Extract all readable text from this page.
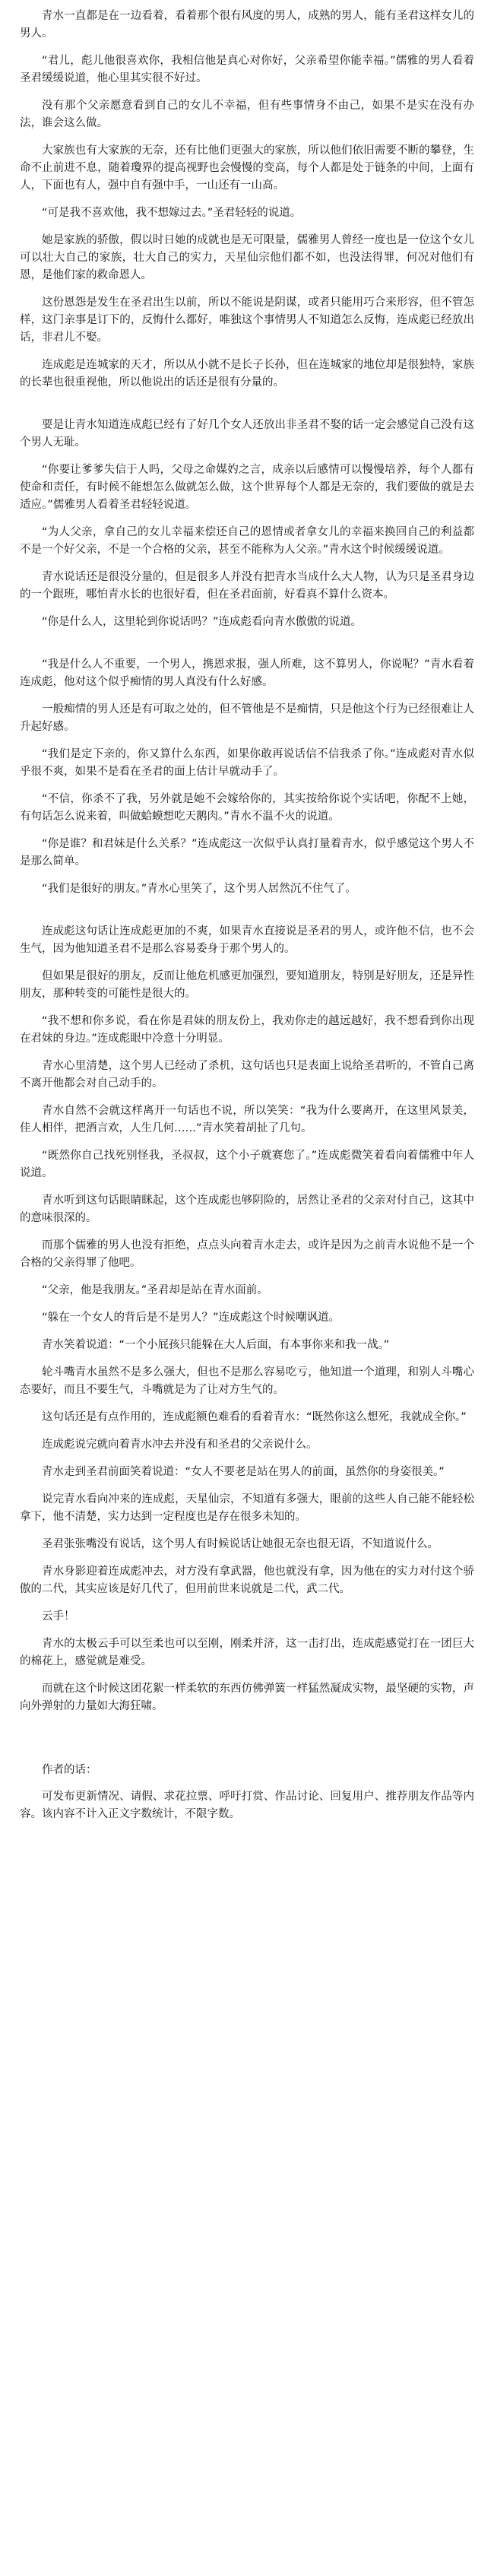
青水一直都是在一边看着，看着那个很有风度的男人，成熟的男人，能有圣君这样女儿的男人。

“君儿，彪儿他很喜欢你，我相信他是真心对你好，父亲希望你能幸福。”儒雅的男人看着圣君缓缓说道，他心里其实很不好过。

没有那个父亲愿意看到自己的女儿不幸福，但有些事情身不由己，如果不是实在没有办法，谁会这么做。

大家族也有大家族的无奈，还有比他们更强大的家族，所以他们依旧需要不断的攀登，生命不止前进不息，随着瓊界的提高视野也会慢慢的变高，每个人都是处于链条的中间，上面有人，下面也有人，强中自有强中手，一山还有一山高。

“可是我不喜欢他，我不想嫁过去。”圣君轻轻的说道。

她是家族的骄傲，假以时日她的成就也是无可限量，儒雅男人曾经一度也是一位这个女儿可以壮大自己的家族，壮大自己的实力，天星仙宗他们都不如，也没法得罪，何况对他们有恩，是他们家的救命恩人。

这份恩怨是发生在圣君出生以前，所以不能说是阴谋，或者只能用巧合来形容，但不管怎样，这门亲事是订下的，反悔什么都好，唯独这个事情男人不知道怎么反悔，连成彪已经放出话，非君儿不娶。

连成彪是连城家的天才，所以从小就不是长子长孙，但在连城家的地位却是很独特，家族的长辈也很重视他，所以他说出的话还是很有分量的。

要是让青水知道连成彪已经有了好几个女人还放出非圣君不娶的话一定会感觉自己没有这个男人无耻。

“你要让爹爹失信于人吗，父母之命媒妁之言，成亲以后感情可以慢慢培养，每个人都有使命和责任，有时候不能想怎么做就怎么做，这个世界每个人都是无奈的，我们要做的就是去适应。”儒雅男人看着圣君轻轻说道。

“为人父亲，拿自己的女儿幸福来偿还自己的恩情或者拿女儿的幸福来换回自己的利益都不是一个好父亲，不是一个合格的父亲，甚至不能称为人父亲。”青水这个时候缓缓说道。

青水说话还是很没分量的，但是很多人并没有把青水当成什么大人物，认为只是圣君身边的一个跟班，哪怕青水长的也很好看，但在圣君面前，好看真不算什么资本。

“你是什么人，这里轮到你说话吗？”连成彪看向青水傲傲的说道。

“我是什么人不重要，一个男人，携恩求报，强人所难，这不算男人，你说呢？”青水看着连成彪，他对这个似乎痴情的男人真没有什么好感。

一般痴情的男人还是有可取之处的，但不管他是不是痴情，只是他这个行为已经很难让人升起好感。

“我们是定下亲的，你又算什么东西，如果你敢再说话信不信我杀了你。”连成彪对青水似乎很不爽，如果不是看在圣君的面上估计早就动手了。

“不信，你杀不了我，另外就是她不会嫁给你的，其实按给你说个实话吧，你配不上她，有句话怎么说来着，叫做蛤蟆想吃天鹅肉。”青水不温不火的说道。

“你是谁？和君妹是什么关系？”连成彪这一次似乎认真打量着青水，似乎感觉这个男人不是那么简单。

“我们是很好的朋友。”青水心里笑了，这个男人居然沉不住气了。

连成彪这句话让连成彪更加的不爽，如果青水直接说是圣君的男人，或许他不信，也不会生气，因为他知道圣君不是那么容易委身于那个男人的。

但如果是很好的朋友，反而让他危机感更加强烈，要知道朋友，特别是好朋友，还是异性朋友，那种转变的可能性是很大的。

“我不想和你多说，看在你是君妹的朋友份上，我劝你走的越远越好，我不想看到你出现在君妹的身边。”连成彪眼中冷意十分明显。

青水心里清楚，这个男人已经动了杀机，这句话也只是表面上说给圣君听的，不管自己离不离开他都会对自己动手的。

青水自然不会就这样离开一句话也不说，所以笑笑：“我为什么要离开，在这里风景美，佳人相伴，把酒言欢，人生几何……”青水笑着胡扯了几句。

“既然你自己找死别怪我，圣叔叔，这个小子就赛您了。”连成彪微笑着看向着儒雅中年人说道。

青水听到这句话眼睛眯起，这个连成彪也够阴险的，居然让圣君的父亲对付自己，这其中的意味很深的。

而那个儒雅的男人也没有拒绝，点点头向着青水走去，或许是因为之前青水说他不是一个合格的父亲得罪了他吧。

“父亲，他是我朋友。”圣君却是站在青水面前。

“躲在一个女人的背后是不是男人？”连成彪这个时候嘲讽道。

青水笑着说道：“一个小屁孩只能躲在大人后面，有本事你来和我一战。”

轮斗嘴青水虽然不是多么强大，但也不是那么容易吃亏，他知道一个道理，和别人斗嘴心态要好，而且不要生气，斗嘴就是为了让对方生气的。

这句话还是有点作用的，连成彪额色难看的看着青水：“既然你这么想死，我就成全你。”

连成彪说完就向着青水冲去并没有和圣君的父亲说什么。

青水走到圣君前面笑着说道：“女人不要老是站在男人的前面，虽然你的身姿很美。”

说完青水看向冲来的连成彪，天星仙宗，不知道有多强大，眼前的这些人自己能不能轻松拿下，他不清楚，实力达到一定程度也是存在很多未知的。

圣君张张嘴没有说话，这个男人有时候说话让她很无奈也很无语，不知道说什么。

青水身影迎着连成彪冲去，对方没有拿武器，他也就没有拿，因为他在的实力对付这个骄傲的二代，其实应该是好几代了，但用前世来说就是二代，武二代。

云手！

青水的太极云手可以至柔也可以至刚，刚柔并济，这一击打出，连成彪感觉打在一团巨大的棉花上，感觉就是难受。

而就在这个时候这团花絮一样柔软的东西仿佛弹簧一样猛然凝成实物，最坚硬的实物，声向外弹射的力量如大海狂啸。

作者的话：

可发布更新情况、请假、求花拉票、呼吁打赏、作品讨论、回复用户、推荐朋友作品等内容。该内容不计入正文字数统计，不限字数。
